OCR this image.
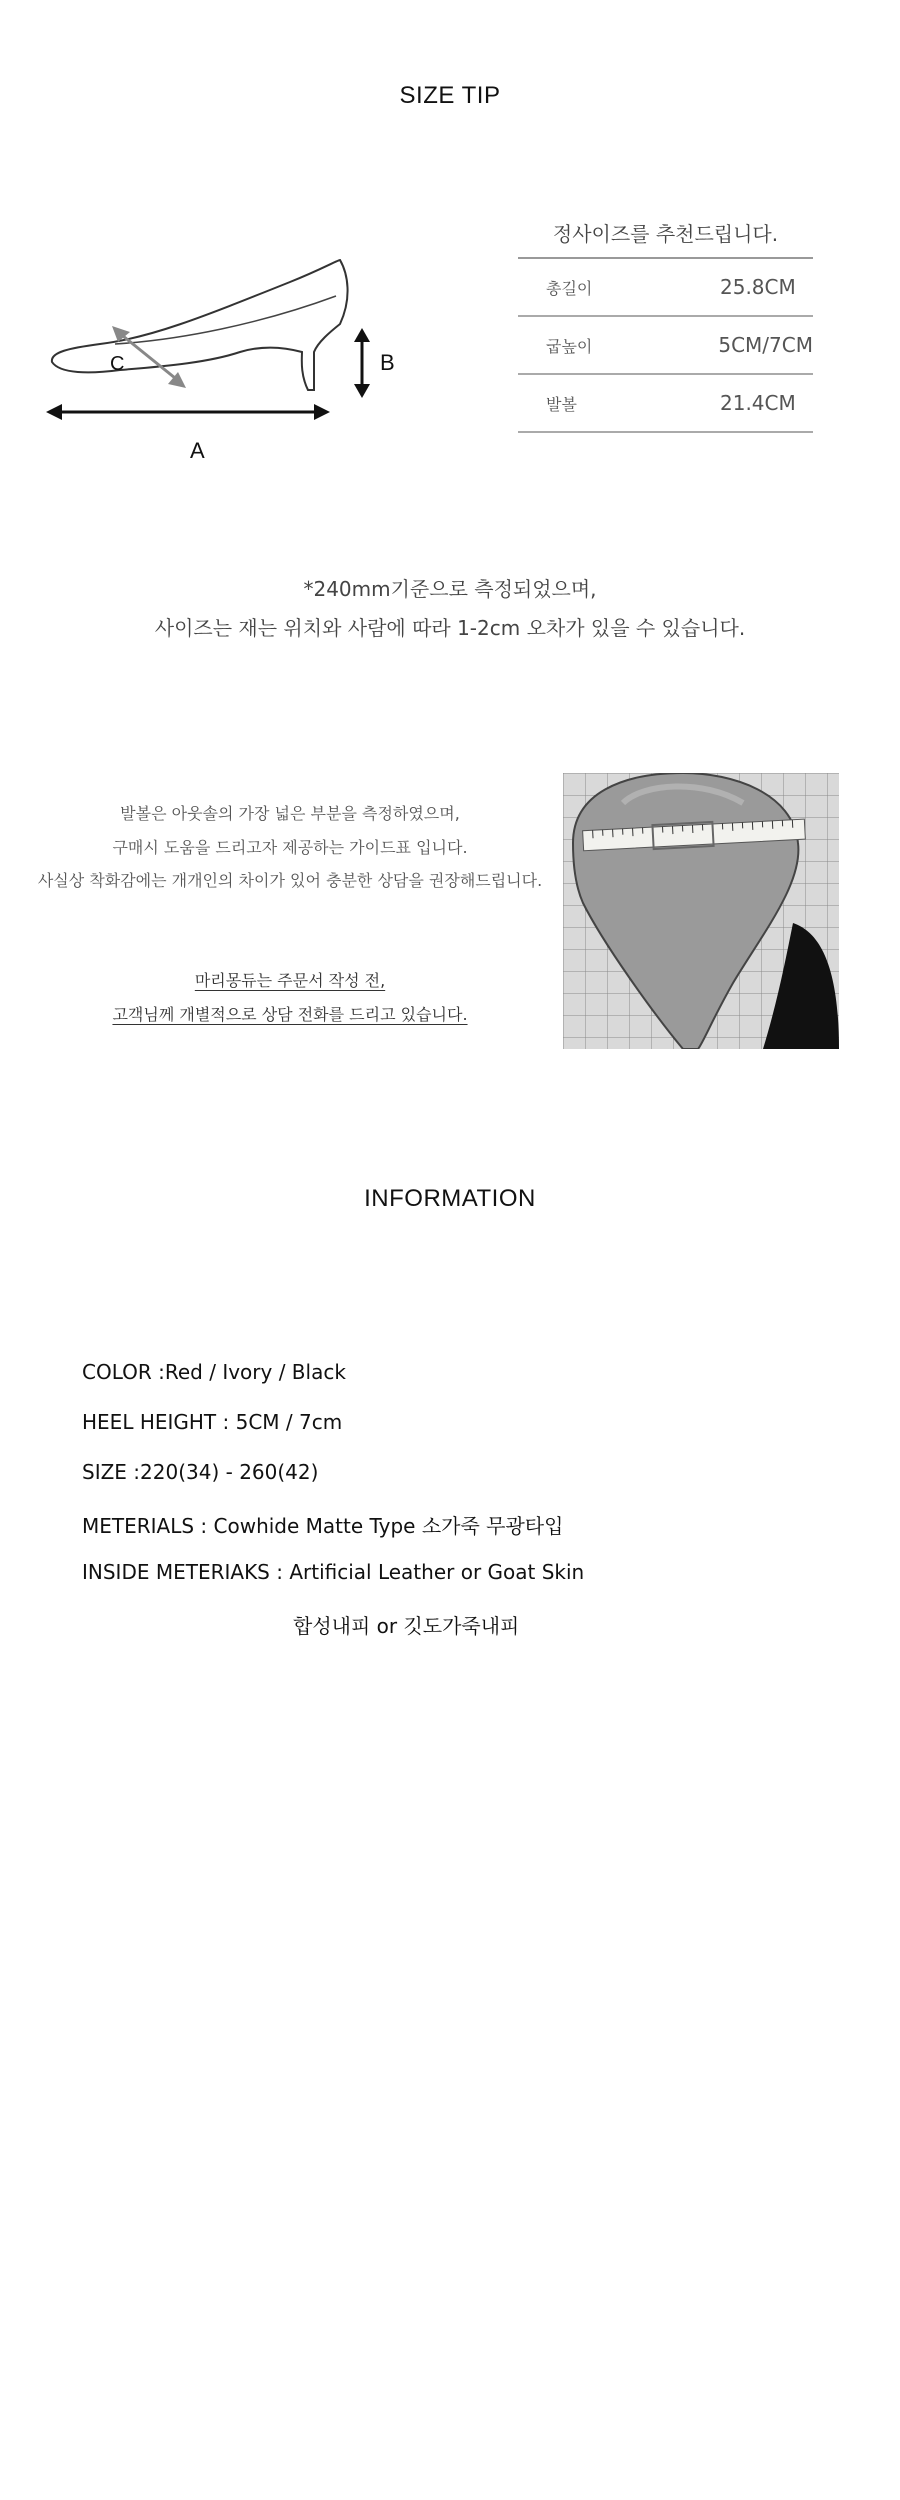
SIZE TIP
C	B
A
정사이즈를 추천드립니다.
총길이	25.8CM
굽높이	5CM/7CM
발볼	21.4CM
*240mm기준으로 측정되었으며,
사이즈는 재는 위치와 사람에 따라 1-2cm 오차가 있을 수 있습니다.
발볼은 아웃솔의 가장 넓은 부분을 측정하였으며,
구매시 도움을 드리고자 제공하는 가이드표 입니다.
사실상 착화감에는 개개인의 차이가 있어 충분한 상담을 권장해드립니다.
마리몽듀는 주문서 작성 전,
고객님께 개별적으로 상담 전화를 드리고 있습니다.
INFORMATION
COLOR :Red / Ivory / Black
HEEL HEIGHT : 5CM / 7cm
SIZE :220(34) - 260(42)
METERIALS : Cowhide Matte Type 소가죽 무광타입
INSIDE METERIAKS : Artificial Leather or Goat Skin
합성내피 or 깃도가죽내피
